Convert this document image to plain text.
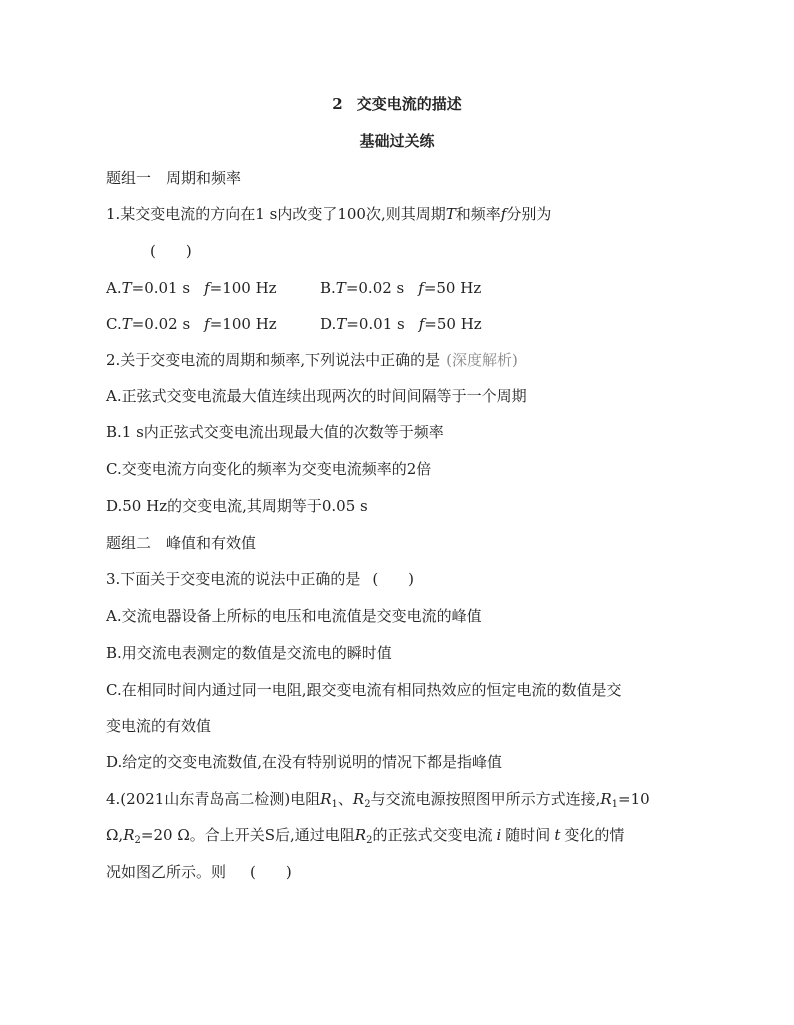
2 交变电流的描述
基础过关练
题组一　周期和频率
1.某交变电流的方向在1 s内改变了100次,则其周期T和频率f分别为
(　　)
A.T=0.01 s f=100 Hz	B.T=0.02 s f=50 Hz
C.T=0.02 s f=100 Hz	D.T=0.01 s f=50 Hz
2.关于交变电流的周期和频率,下列说法中正确的是 (深度解析)
A.正弦式交变电流最大值连续出现两次的时间间隔等于一个周期
B.1 s内正弦式交变电流出现最大值的次数等于频率
C.交变电流方向变化的频率为交变电流频率的2倍
D.50 Hz的交变电流,其周期等于0.05 s
题组二　峰值和有效值
3.下面关于交变电流的说法中正确的是 (　　)
A.交流电器设备上所标的电压和电流值是交变电流的峰值
B.用交流电表测定的数值是交流电的瞬时值
C.在相同时间内通过同一电阻,跟交变电流有相同热效应的恒定电流的数值是交
变电流的有效值
D.给定的交变电流数值,在没有特别说明的情况下都是指峰值
4.(2021山东青岛高二检测)电阻$R_1$、$R_2$与交流电源按照图甲所示方式连接$,R_1=10$
$\Omega,R_2=20$ Ω。合上开关S后,通过电阻$R_2$的正弦式交变电流 i 随时间 t 变化的情
况如图乙所示。则 (　　)
